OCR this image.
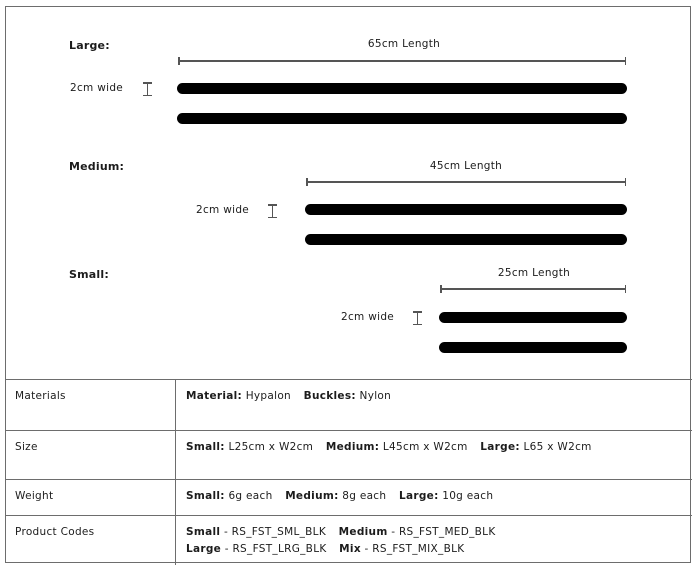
Large:	65cm Length
2cm wide
Medium:	45cm Length
2cm wide
Small:	25cm Length
2cm wide
Materials	Material: Hypalon Buckles: Nylon
Size	Small: L25cm x W2cm Medium: L45cm x W2cm Large: L65 x W2cm
Weight	Small: 6g each Medium: 8g each Large: 10g each
Product Codes	Small - RS_FST_SML_BLK Medium - RS_FST_MED_BLK
Large - RS_FST_LRG_BLK Mix - RS_FST_MIX_BLK
